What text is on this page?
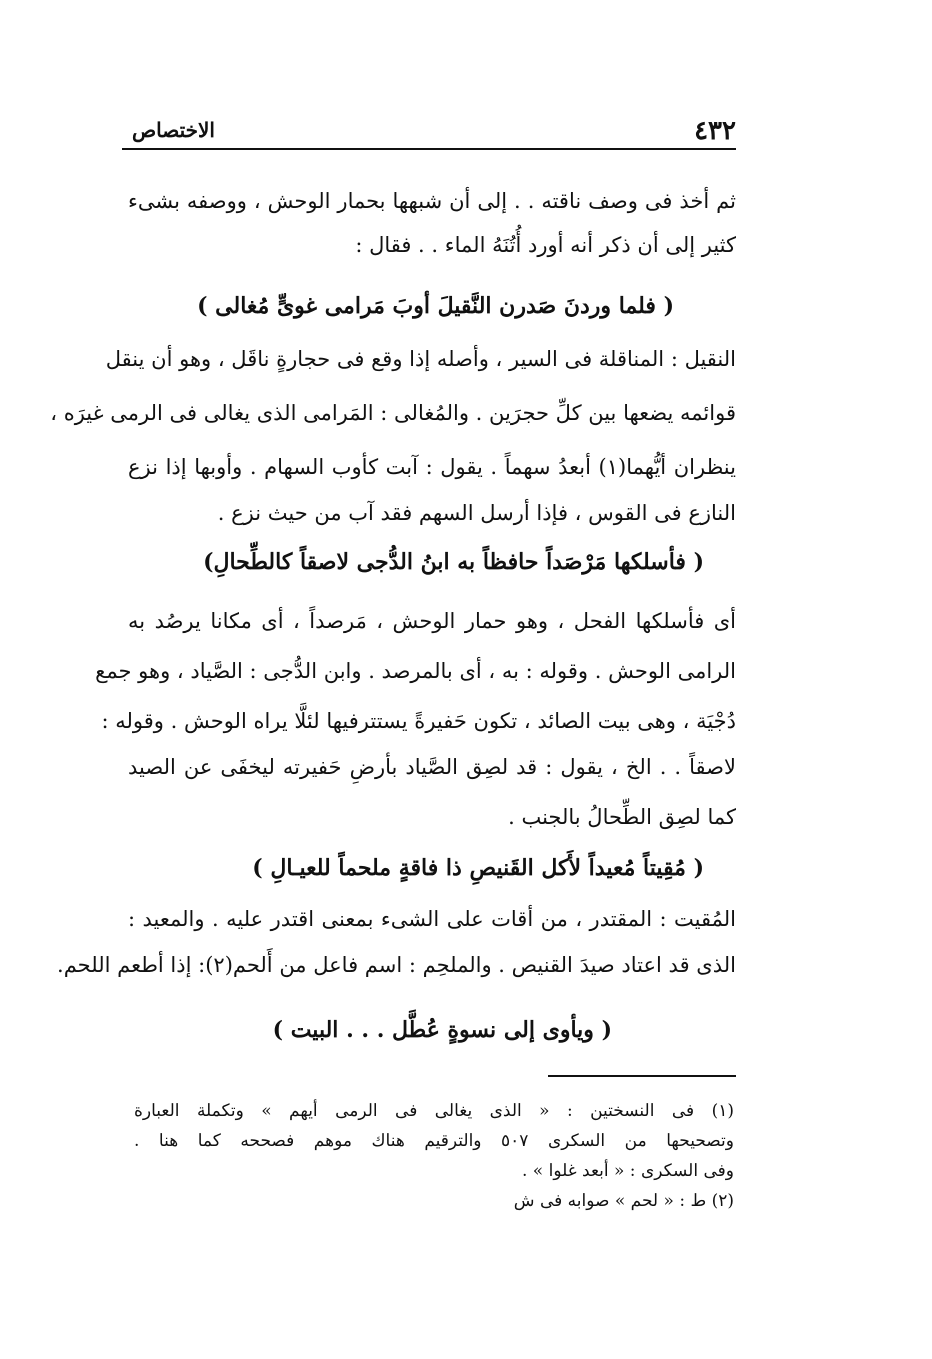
٤٣٢
الاختصاص
ثم أخذ فى وصف ناقته . . إلى أن شبهها بحمار الوحش ، ووصفه بشىء
كثير إلى أن ذكر أنه أورد أُتُنَهُ الماء . . فقال :
( فلما وردنَ صَدرن النَّقيلَ أوبَ مَرامى غوىٍّ مُغالى )
النقيل : المناقلة فى السير ، وأصله إذا وقع فى حجارةٍ ناقَل ، وهو أن ينقل
قوائمه يضعها بين كلِّ حجرَين . والمُغالى : المَرامى الذى يغالى فى الرمى غيرَه ،
ينظران أيُّهما(١) أبعدُ سهماً . يقول : آبت كأوب السهام . وأوبها إذا نزع
النازع فى القوس ، فإذا أرسل السهم فقد آب من حيث نزع .
( فأسلكها مَرْصَداً حافظاً به ابنُ الدُّجى لاصقاً كالطِّحالِ)
أى فأسلكها الفحل ، وهو حمار الوحش ، مَرصداً ، أى مكانا يرصُد به
الرامى الوحش . وقوله : به ، أى بالمرصد . وابن الدُّجى : الصَّياد ، وهو جمع
دُجْيَة ، وهى بيت الصائد ، تكون حَفيرةً يستترفيها لئلَّا يراه الوحش . وقوله :
لاصقاً . . الخ ، يقول : قد لصِق الصَّياد بأرضِ حَفيرته ليخفَى عن الصيد
كما لصِق الطِّحالُ بالجنب .
( مُقِيتاً مُعيداً لأَكل القَنيصِ ذا فاقةٍ ملحماً للعيـالِ )
المُقيت : المقتدر ، من أقات على الشىء بمعنى اقتدر عليه . والمعيد :
الذى قد اعتاد صيدَ القنيص . والملحِم : اسم فاعل من أَلحم(٢): إذا أطعم اللحم.
( ويأوى إلى نسوةٍ عُطَّل . . . البيت )
(١) فى النسختين : « الذى يغالى فى الرمى أيهم » وتكملة العبارة
وتصحيحها من السكرى ٥٠٧ والترقيم هناك موهم فصححه كما هنا .
وفى السكرى : « أبعد غلوا » .
(٢) ط : « لحم » صوابه فى ش
